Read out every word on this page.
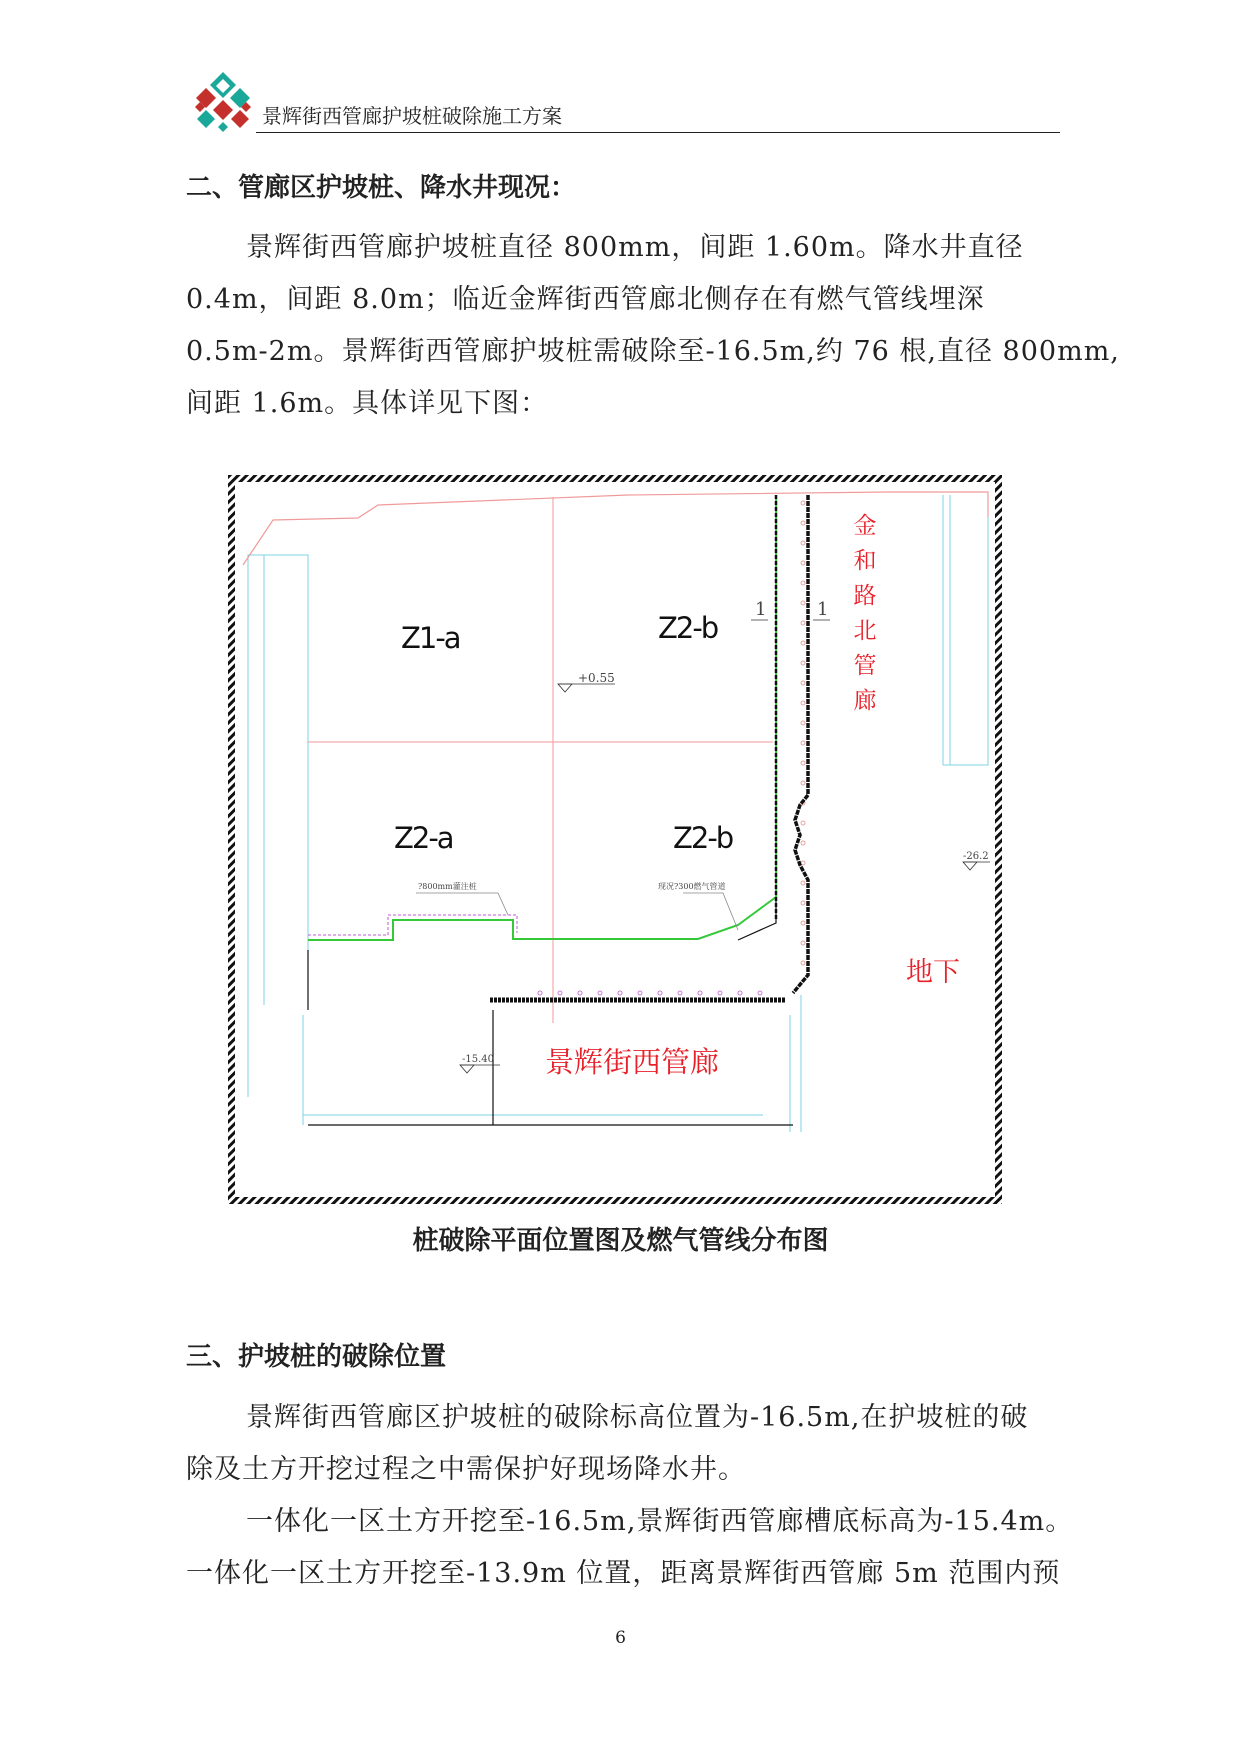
景辉街西管廊护坡桩破除施工方案
二、管廊区护坡桩、降水井现况：

景辉街西管廊护坡桩直径 800mm，间距 1.60m。降水井直径

0.4m，间距 8.0m；临近金辉街西管廊北侧存在有燃气管线埋深

0.5m-2m。景辉街西管廊护坡桩需破除至-16.5m,约 76 根,直径 800mm,

间距 1.6m。具体详见下图：

Z1-a	Z2-b
Z2-a	Z2-b
+0.55
-26.2
-15.40
1	1
?800mm灌注桩	现况?300燃气管道
金
和
路
北
管
廊
地下
景辉街西管廊
桩破除平面位置图及燃气管线分布图
三、护坡桩的破除位置

景辉街西管廊区护坡桩的破除标高位置为-16.5m,在护坡桩的破

除及土方开挖过程之中需保护好现场降水井。

一体化一区土方开挖至-16.5m,景辉街西管廊槽底标高为-15.4m。

一体化一区土方开挖至-13.9m 位置，距离景辉街西管廊 5m 范围内预

6
